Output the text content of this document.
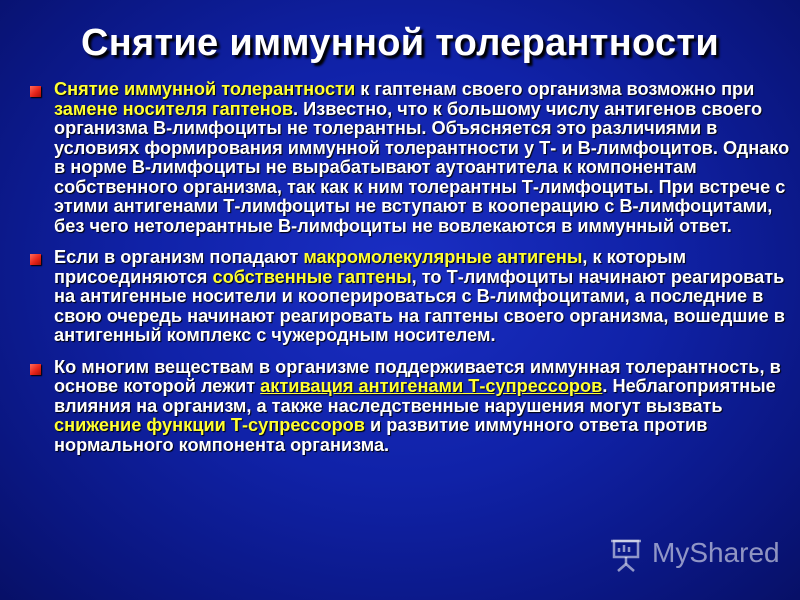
Снятие иммунной толерантности
Снятие иммунной толерантности к гаптенам своего организма возможно при замене носителя гаптенов. Известно, что к большому числу антигенов своего организма В-лимфоциты не толерантны. Объясняется это различиями в условиях формирования иммунной толерантности у Т- и В-лимфоцитов. Однако в норме В-лимфоциты не вырабатывают аутоантитела к компонентам собственного организма, так как к ним толерантны Т-лимфоциты. При встрече с этими антигенами Т-лимфоциты не вступают в кооперацию с В-лимфоцитами, без чего нетолерантные В-лимфоциты не вовлекаются в иммунный ответ.
Если в организм попадают макромолекулярные антигены, к которым присоединяются собственные гаптены, то Т-лимфоциты начинают реагировать на антигенные носители и кооперироваться с В-лимфоцитами, а последние в свою очередь начинают реагировать на гаптены своего организма, вошедшие в антигенный комплекс с чужеродным носителем.
Ко многим веществам в организме поддерживается иммунная толерантность, в основе которой лежит активация антигенами Т-супрессоров. Неблагоприятные влияния на организм, а также наследственные нарушения могут вызвать снижение функции Т-супрессоров и развитие иммунного ответа против нормального компонента организма.
MyShared
